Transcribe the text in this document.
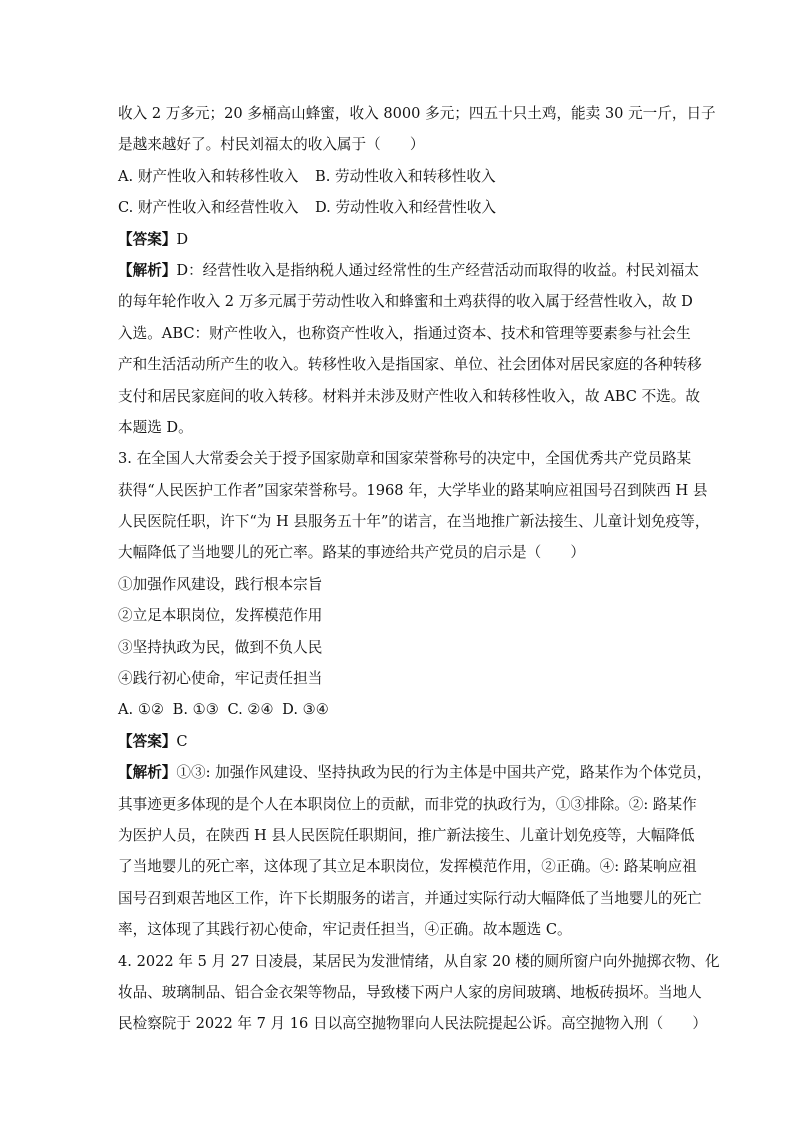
收入 2 万多元；20 多桶高山蜂蜜，收入 8000 多元；四五十只土鸡，能卖 30 元一斤，日子
是越来越好了。村民刘福太的收入属于（　　）
A. 财产性收入和转移性收入	B. 劳动性收入和转移性收入
C. 财产性收入和经营性收入	D. 劳动性收入和经营性收入
【答案】D
【解析】D：经营性收入是指纳税人通过经常性的生产经营活动而取得的收益。村民刘福太
的每年轮作收入 2 万多元属于劳动性收入和蜂蜜和土鸡获得的收入属于经营性收入，故 D
入选。ABC：财产性收入，也称资产性收入，指通过资本、技术和管理等要素参与社会生
产和生活活动所产生的收入。转移性收入是指国家、单位、社会团体对居民家庭的各种转移
支付和居民家庭间的收入转移。材料并未涉及财产性收入和转移性收入，故 ABC 不选。故
本题选 D。
3. 在全国人大常委会关于授予国家勋章和国家荣誉称号的决定中，全国优秀共产党员路某
获得“人民医护工作者”国家荣誉称号。1968 年，大学毕业的路某响应祖国号召到陕西 H 县
人民医院任职，许下“为 H 县服务五十年”的诺言，在当地推广新法接生、儿童计划免疫等，
大幅降低了当地婴儿的死亡率。路某的事迹给共产党员的启示是（　　）
①加强作风建设，践行根本宗旨
②立足本职岗位，发挥模范作用
③坚持执政为民，做到不负人民
④践行初心使命，牢记责任担当
A. ①② B. ①③ C. ②④ D. ③④
【答案】C
【解析】①③: 加强作风建设、坚持执政为民的行为主体是中国共产党，路某作为个体党员，
其事迹更多体现的是个人在本职岗位上的贡献，而非党的执政行为，①③排除。②: 路某作
为医护人员，在陕西 H 县人民医院任职期间，推广新法接生、儿童计划免疫等，大幅降低
了当地婴儿的死亡率，这体现了其立足本职岗位，发挥模范作用，②正确。④: 路某响应祖
国号召到艰苦地区工作，许下长期服务的诺言，并通过实际行动大幅降低了当地婴儿的死亡
率，这体现了其践行初心使命，牢记责任担当，④正确。故本题选 C。
4. 2022 年 5 月 27 日凌晨，某居民为发泄情绪，从自家 20 楼的厕所窗户向外抛掷衣物、化
妆品、玻璃制品、铝合金衣架等物品，导致楼下两户人家的房间玻璃、地板砖损坏。当地人
民检察院于 2022 年 7 月 16 日以高空抛物罪向人民法院提起公诉。高空抛物入刑（　　）
